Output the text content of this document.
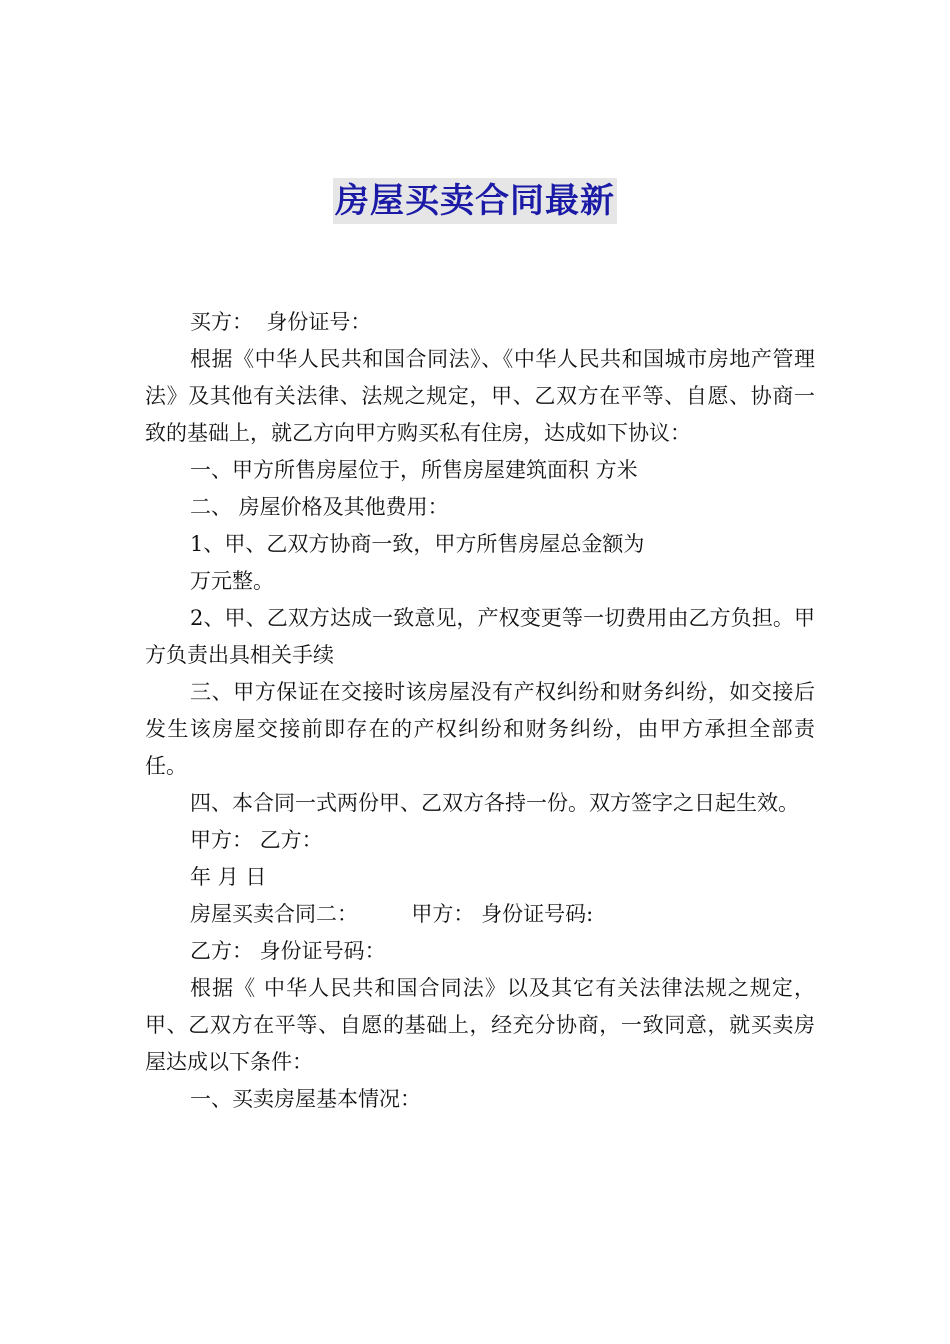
房屋买卖合同最新

买方：  身份证号：

根据《中华人民共和国合同法》、《中华人民共和国城市房地产管理法》及其他有关法律、法规之规定，甲、乙双方在平等、自愿、协商一致的基础上，就乙方向甲方购买私有住房，达成如下协议：

一、甲方所售房屋位于，所售房屋建筑面积 方米

二、 房屋价格及其他费用：

1、甲、乙双方协商一致，甲方所售房屋总金额为

万元整。

2、甲、乙双方达成一致意见，产权变更等一切费用由乙方负担。甲方负责出具相关手续

三、甲方保证在交接时该房屋没有产权纠纷和财务纠纷，如交接后发生该房屋交接前即存在的产权纠纷和财务纠纷，由甲方承担全部责任。

四、本合同一式两份甲、乙双方各持一份。双方签字之日起生效。

甲方： 乙方：

年 月 日

房屋买卖合同二：        甲方： 身份证号码:

乙方： 身份证号码：

根据《 中华人民共和国合同法》以及其它有关法律法规之规定，甲、乙双方在平等、自愿的基础上，经充分协商，一致同意，就买卖房屋达成以下条件：

一、买卖房屋基本情况：
